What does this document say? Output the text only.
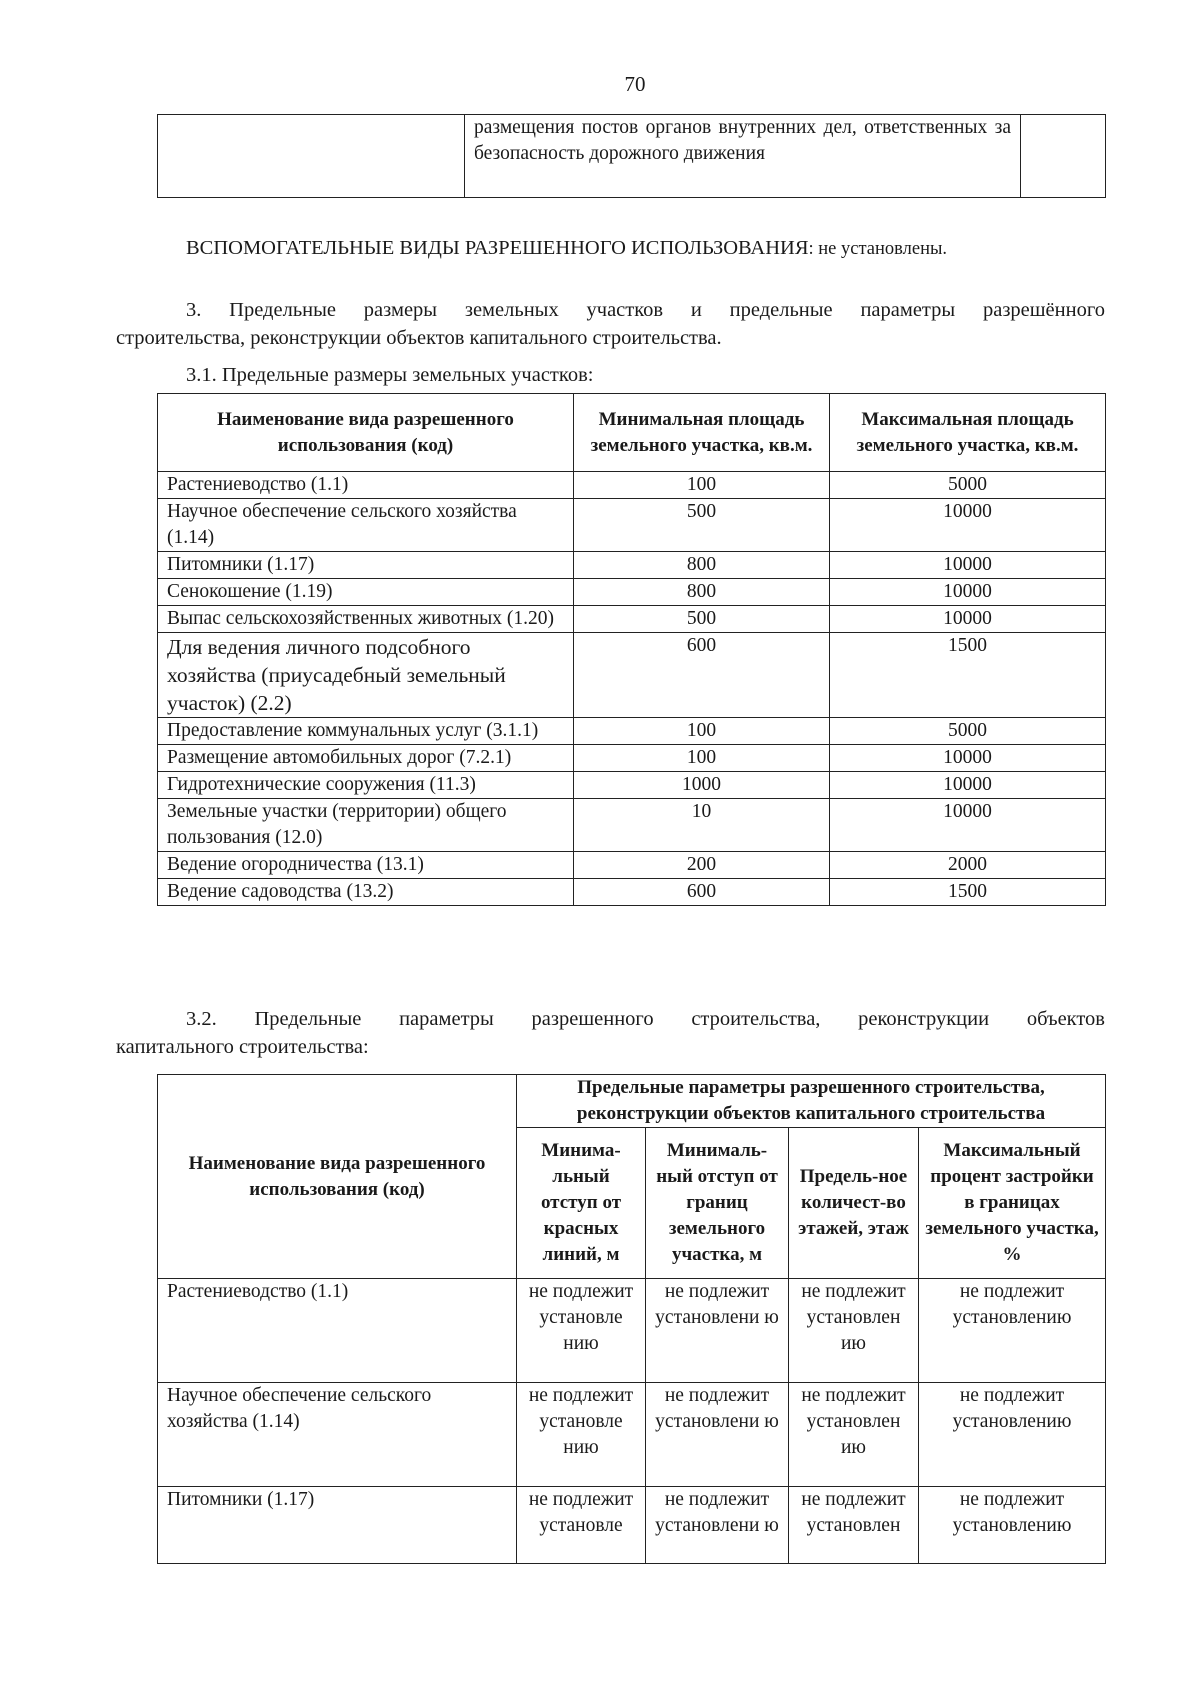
70
	размещения постов органов внутренних дел, ответственных за безопасность дорожного движения	
ВСПОМОГАТЕЛЬНЫЕ ВИДЫ РАЗРЕШЕННОГО ИСПОЛЬЗОВАНИЯ: не установлены.
3. Предельные размеры земельных участков и предельные параметры разрешённого
строительства, реконструкции объектов капитального строительства.
3.1. Предельные размеры земельных участков:
Наименование вида разрешенного использования (код)	Минимальная площадь земельного участка, кв.м.	Максимальная площадь земельного участка, кв.м.
Растениеводство (1.1)	100	5000
Научное обеспечение сельского хозяйства (1.14)	500	10000
Питомники (1.17)	800	10000
Сенокошение (1.19)	800	10000
Выпас сельскохозяйственных животных (1.20)	500	10000
Для ведения личного подсобного хозяйства (приусадебный земельный участок) (2.2)	600	1500
Предоставление коммунальных услуг (3.1.1)	100	5000
Размещение автомобильных дорог (7.2.1)	100	10000
Гидротехнические сооружения (11.3)	1000	10000
Земельные участки (территории) общего пользования (12.0)	10	10000
Ведение огородничества (13.1)	200	2000
Ведение садоводства (13.2)	600	1500
3.2. Предельные параметры разрешенного строительства, реконструкции объектов
капитального строительства:
Наименование вида разрешенного использования (код)	Предельные параметры разрешенного строительства, реконструкции объектов капитального строительства			
	Минима-льный отступ от красных линий, м	Минималь-ный отступ от границ земельного участка, м	Предель-ное количест-во этажей, этаж	Максимальный процент застройки в границах земельного участка, %
Растениеводство (1.1)	не подлежит установле нию	не подлежит установлени ю	не подлежит установлен ию	не подлежит установлению
Научное обеспечение сельского хозяйства (1.14)	не подлежит установле нию	не подлежит установлени ю	не подлежит установлен ию	не подлежит установлению
Питомники (1.17)	не подлежит установле	не подлежит установлени ю	не подлежит установлен	не подлежит установлению
